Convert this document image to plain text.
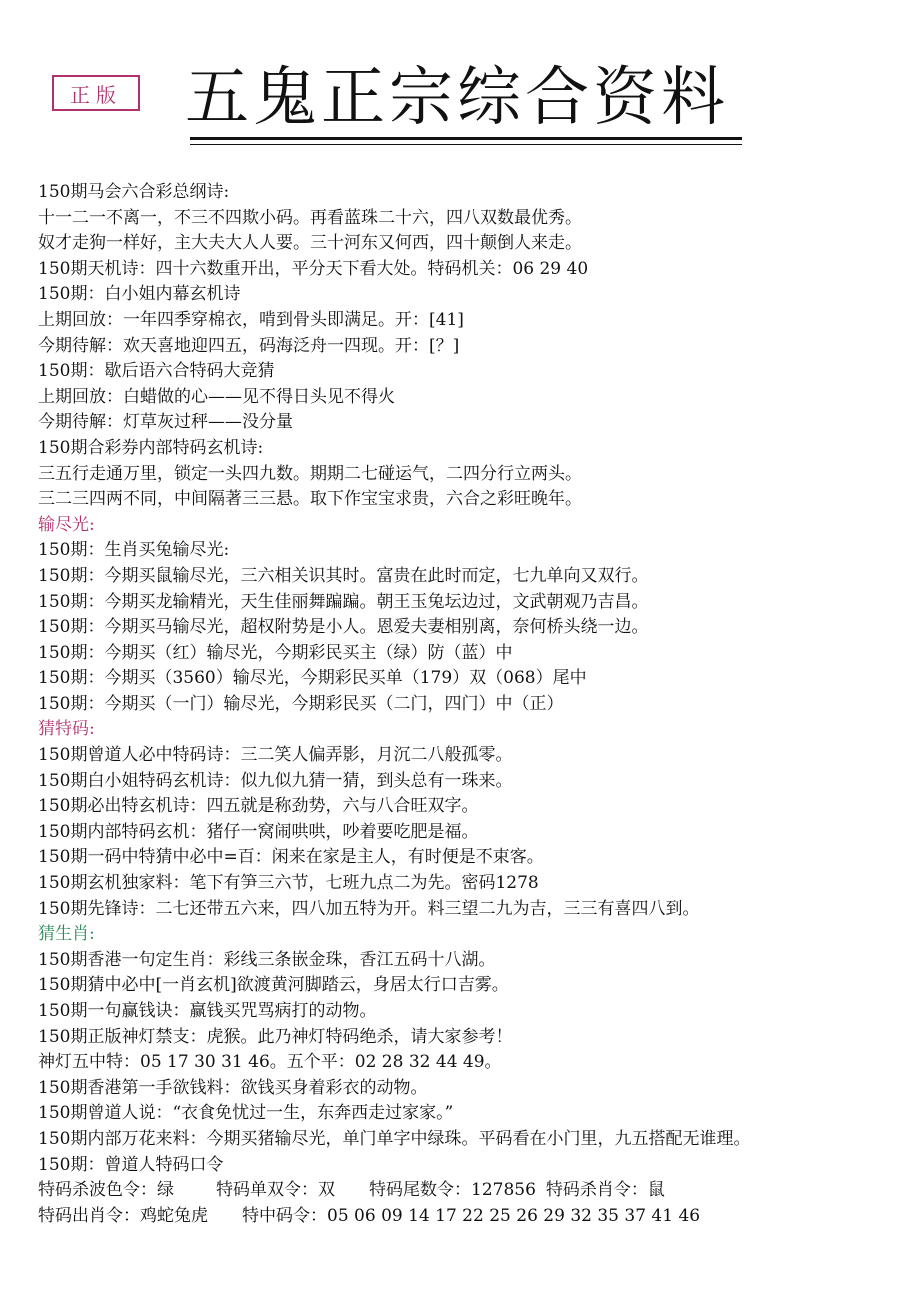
正版 五鬼正宗综合资料
150期马会六合彩总纲诗:
十一二一不离一，不三不四欺小码。再看蓝珠二十六，四八双数最优秀。
奴才走狗一样好，主大夫大人人要。三十河东又何西，四十颠倒人来走。
150期天机诗：四十六数重开出，平分天下看大处。特码机关：06 29 40
150期：白小姐内幕玄机诗
上期回放：一年四季穿棉衣，啃到骨头即满足。开：[41]
今期待解：欢天喜地迎四五，码海泛舟一四现。开：[？]
150期：歇后语六合特码大竞猜
上期回放：白蜡做的心——见不得日头见不得火
今期待解：灯草灰过秤——没分量
150期合彩券内部特码玄机诗:
三五行走通万里，锁定一头四九数。期期二七碰运气，二四分行立两头。
三二三四两不同，中间隔著三三悬。取下作宝宝求贵，六合之彩旺晚年。
输尽光:
150期：生肖买兔输尽光:
150期：今期买鼠输尽光，三六相关识其时。富贵在此时而定，七九单向又双行。
150期：今期买龙输精光，天生佳丽舞蹁蹁。朝王玉兔坛边过，文武朝观乃吉昌。
150期：今期买马输尽光，超权附势是小人。恩爱夫妻相别离，奈何桥头绕一边。
150期：今期买（红）输尽光，今期彩民买主（绿）防（蓝）中
150期：今期买（3560）输尽光，今期彩民买单（179）双（068）尾中
150期：今期买（一门）输尽光，今期彩民买（二门，四门）中（正）
猜特码:
150期曾道人必中特码诗：三二笑人偏弄影，月沉二八般孤零。
150期白小姐特码玄机诗：似九似九猜一猜，到头总有一珠来。
150期必出特玄机诗：四五就是称劲势，六与八合旺双字。
150期内部特码玄机：猪仔一窝闹哄哄，吵着要吃肥是福。
150期一码中特猜中必中=百：闲来在家是主人，有时便是不束客。
150期玄机独家料：笔下有笋三六节，七班九点二为先。密码1278
150期先锋诗：二七还带五六来，四八加五特为开。料三望二九为吉，三三有喜四八到。
猜生肖:
150期香港一句定生肖：彩线三条嵌金珠，香江五码十八湖。
150期猜中必中[一肖玄机]欲渡黄河脚踏云，身居太行口吉雾。
150期一句赢钱诀：赢钱买咒骂病打的动物。
150期正版神灯禁支：虎猴。此乃神灯特码绝杀，请大家参考！
神灯五中特：05 17 30 31 46。五个平：02 28 32 44 49。
150期香港第一手欲钱料：欲钱买身着彩衣的动物。
150期曾道人说：“衣食免忧过一生，东奔西走过家家。”
150期内部万花来料：今期买猪输尽光，单门单字中绿珠。平码看在小门里，九五搭配无谁理。
150期：曾道人特码口令
特码杀波色令：绿 特码单双令：双 特码尾数令：127856 特码杀肖令：鼠
特码出肖令：鸡蛇兔虎 特中码令：05 06 09 14 17 22 25 26 29 32 35 37 41 46
